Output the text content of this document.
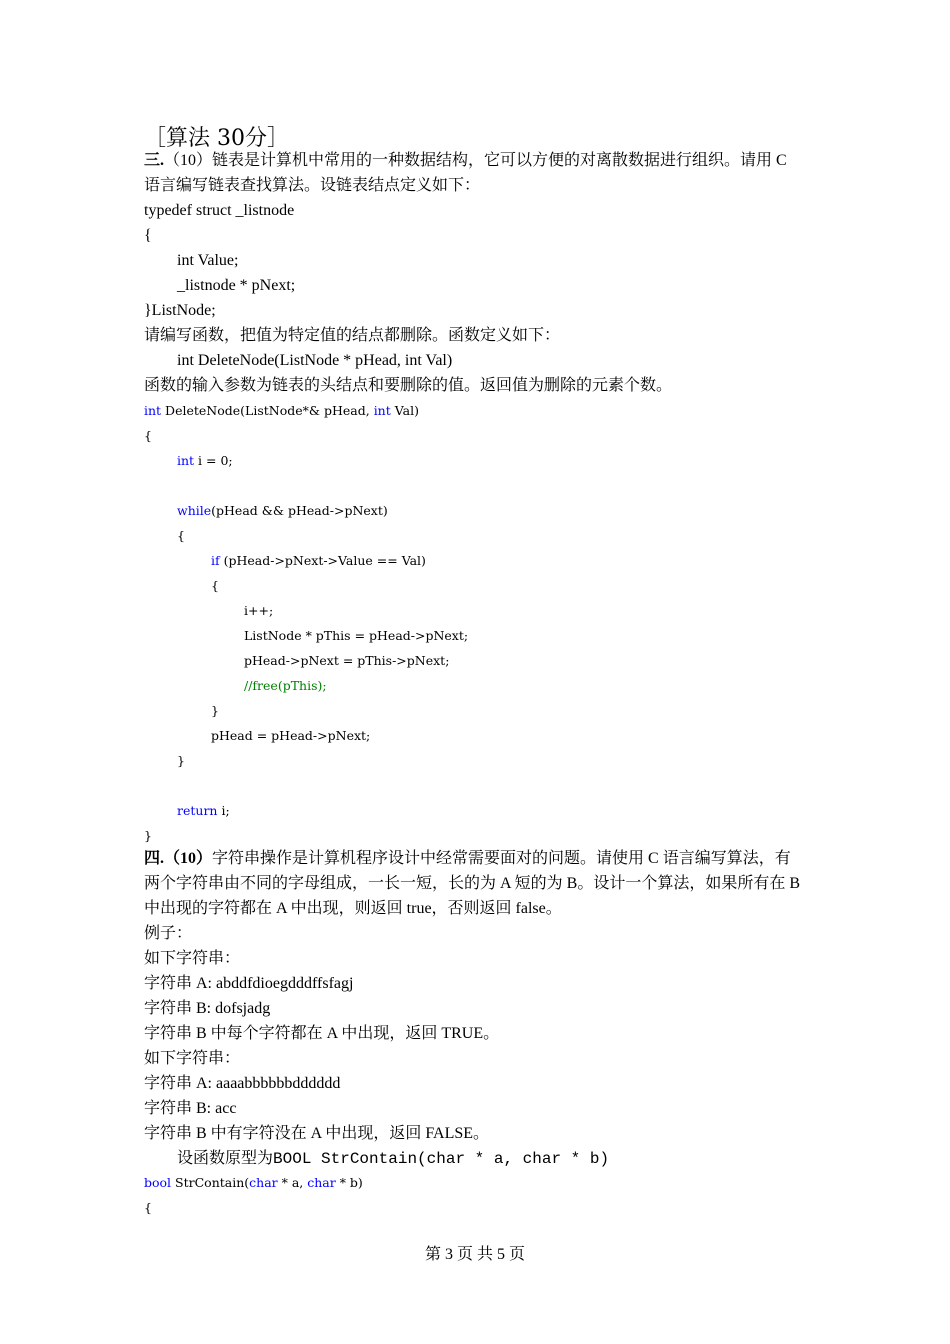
［算法 30分］
三.（10）链表是计算机中常用的一种数据结构，它可以方便的对离散数据进行组织。请用 C
语言编写链表查找算法。设链表结点定义如下：
typedef struct _listnode
{
int Value;
_listnode * pNext;
}ListNode;
请编写函数，把值为特定值的结点都删除。函数定义如下：
int DeleteNode(ListNode * pHead, int Val)
函数的输入参数为链表的头结点和要删除的值。返回值为删除的元素个数。
int DeleteNode(ListNode*& pHead, int Val)
{
int i = 0;
while(pHead && pHead->pNext)
{
if (pHead->pNext->Value == Val)
{
i++;
ListNode * pThis = pHead->pNext;
pHead->pNext = pThis->pNext;
//free(pThis);
}
pHead = pHead->pNext;
}
return i;
}
四.（10）字符串操作是计算机程序设计中经常需要面对的问题。请使用 C 语言编写算法，有
两个字符串由不同的字母组成，一长一短，长的为 A 短的为 B。设计一个算法，如果所有在 B
中出现的字符都在 A 中出现，则返回 true，否则返回 false。
例子：
如下字符串：
字符串 A: abddfdioegdddffsfagj
字符串 B: dofsjadg
字符串 B 中每个字符都在 A 中出现，返回 TRUE。
如下字符串：
字符串 A: aaaabbbbbbdddddd
字符串 B: acc
字符串 B 中有字符没在 A 中出现，返回 FALSE。
设函数原型为BOOL StrContain(char * a, char * b)
bool StrContain(char * a, char * b)
{
第 3 页 共 5 页
